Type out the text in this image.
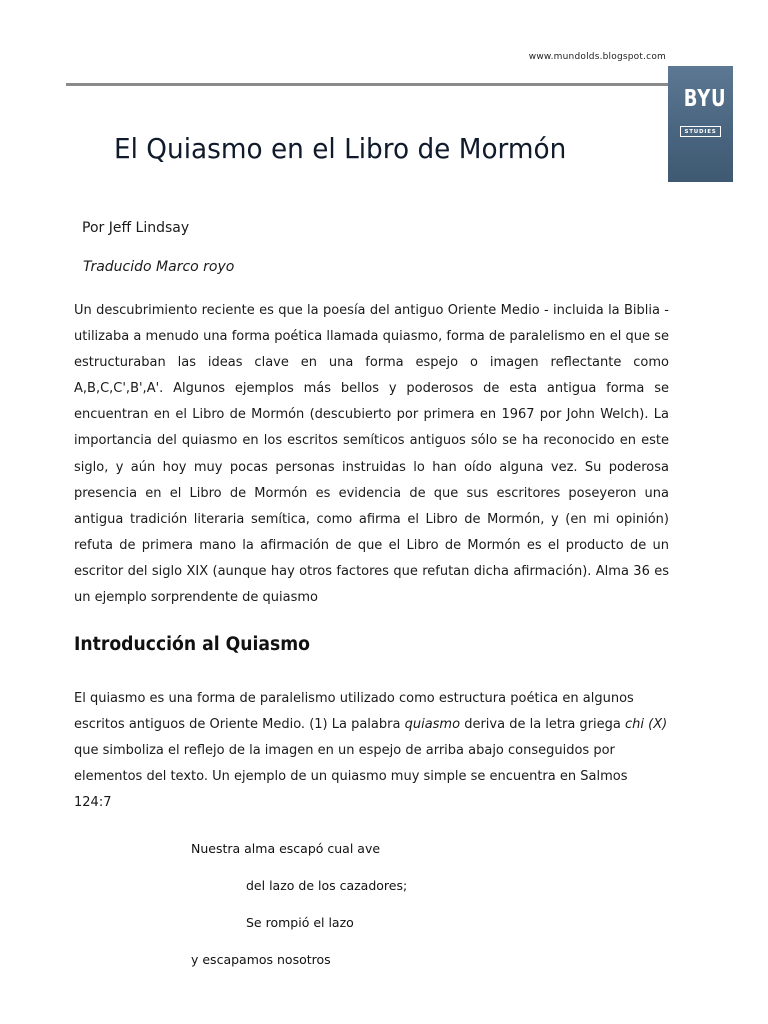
www.mundolds.blogspot.com
BYU
STUDIES
El Quiasmo en el Libro de Mormón
Por Jeff Lindsay
Traducido Marco royo

Un descubrimiento reciente es que la poesía del antiguo Oriente Medio - incluida la Biblia - utilizaba a menudo una forma poética llamada quiasmo, forma de paralelismo en el que se estructuraban las ideas clave en una forma espejo o imagen reflectante como A,B,C,C',B',A'. Algunos ejemplos más bellos y poderosos de esta antigua forma se encuentran en el Libro de Mormón (descubierto por primera en 1967 por John Welch). La importancia del quiasmo en los escritos semíticos antiguos sólo se ha reconocido en este siglo, y aún hoy muy pocas personas instruidas lo han oído alguna vez. Su poderosa presencia en el Libro de Mormón es evidencia de que sus escritores poseyeron una antigua tradición literaria semítica, como afirma el Libro de Mormón, y (en mi opinión) refuta de primera mano la afirmación de que el Libro de Mormón es el producto de un escritor del siglo XIX (aunque hay otros factores que refutan dicha afirmación). Alma 36 es un ejemplo sorprendente de quiasmo

Introducción al Quiasmo

El quiasmo es una forma de paralelismo utilizado como estructura poética en algunos escritos antiguos de Oriente Medio. (1) La palabra quiasmo deriva de la letra griega chi (X) que simboliza el reflejo de la imagen en un espejo de arriba abajo conseguidos por elementos del texto. Un ejemplo de un quiasmo muy simple se encuentra en Salmos 124:7

Nuestra alma escapó cual ave
del lazo de los cazadores;
Se rompió el lazo
y escapamos nosotros
